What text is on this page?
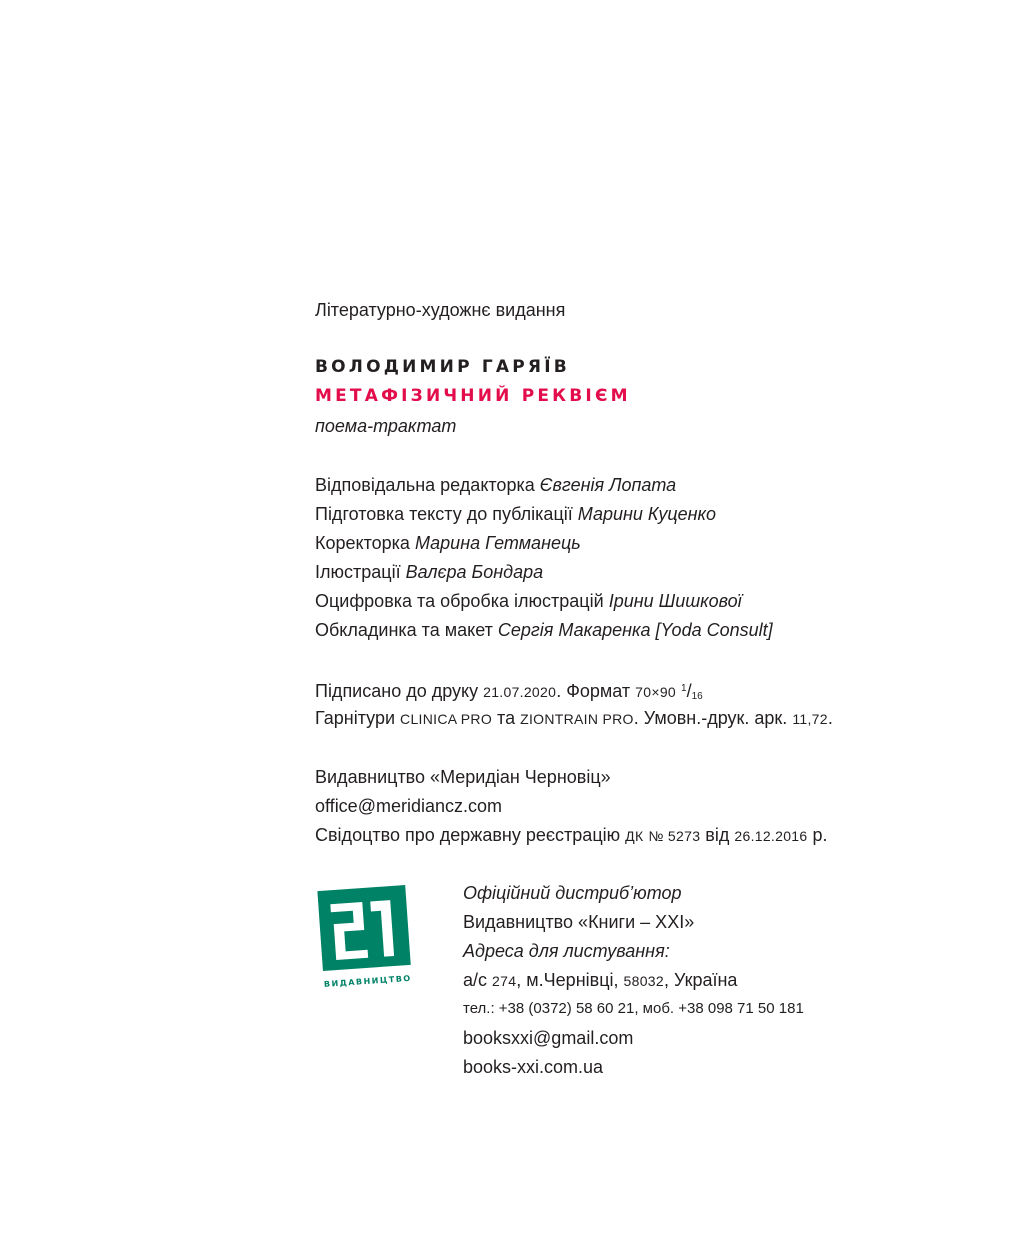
Літературно-художнє видання
ВОЛОДИМИР ГАРЯЇВ
МЕТАФІЗИЧНИЙ РЕКВІЄМ
поема-трактат
Відповідальна редакторка Євгенія Лопата
Підготовка тексту до публікації Марини Куценко
Коректорка Марина Гетманець
Ілюстрації Валєра Бондара
Оцифровка та обробка ілюстрацій Ірини Шишкової
Обкладинка та макет Сергія Макаренка [Yoda Consult]
Підписано до друку 21.07.2020. Формат 70×90 $^1/_{16}$
Гарнітури CLINICA PRO та ZIONTRAIN PRO. Умовн.-друк. арк. 11,72.
Видавництво «Меридіан Черновіц»
office@meridiancz.com
Свідоцтво про державну реєстрацію ДК № 5273 від 26.12.2016 р.
ВИДАВНИЦТВО
Офіційний дистриб’ютор
Видавництво «Книги – XXI»
Адреса для листування:
а/с 274, м.Чернівці, 58032, Україна
тел.: +38 (0372) 58 60 21, моб. +38 098 71 50 181
booksxxi@gmail.com
books-xxi.com.ua
